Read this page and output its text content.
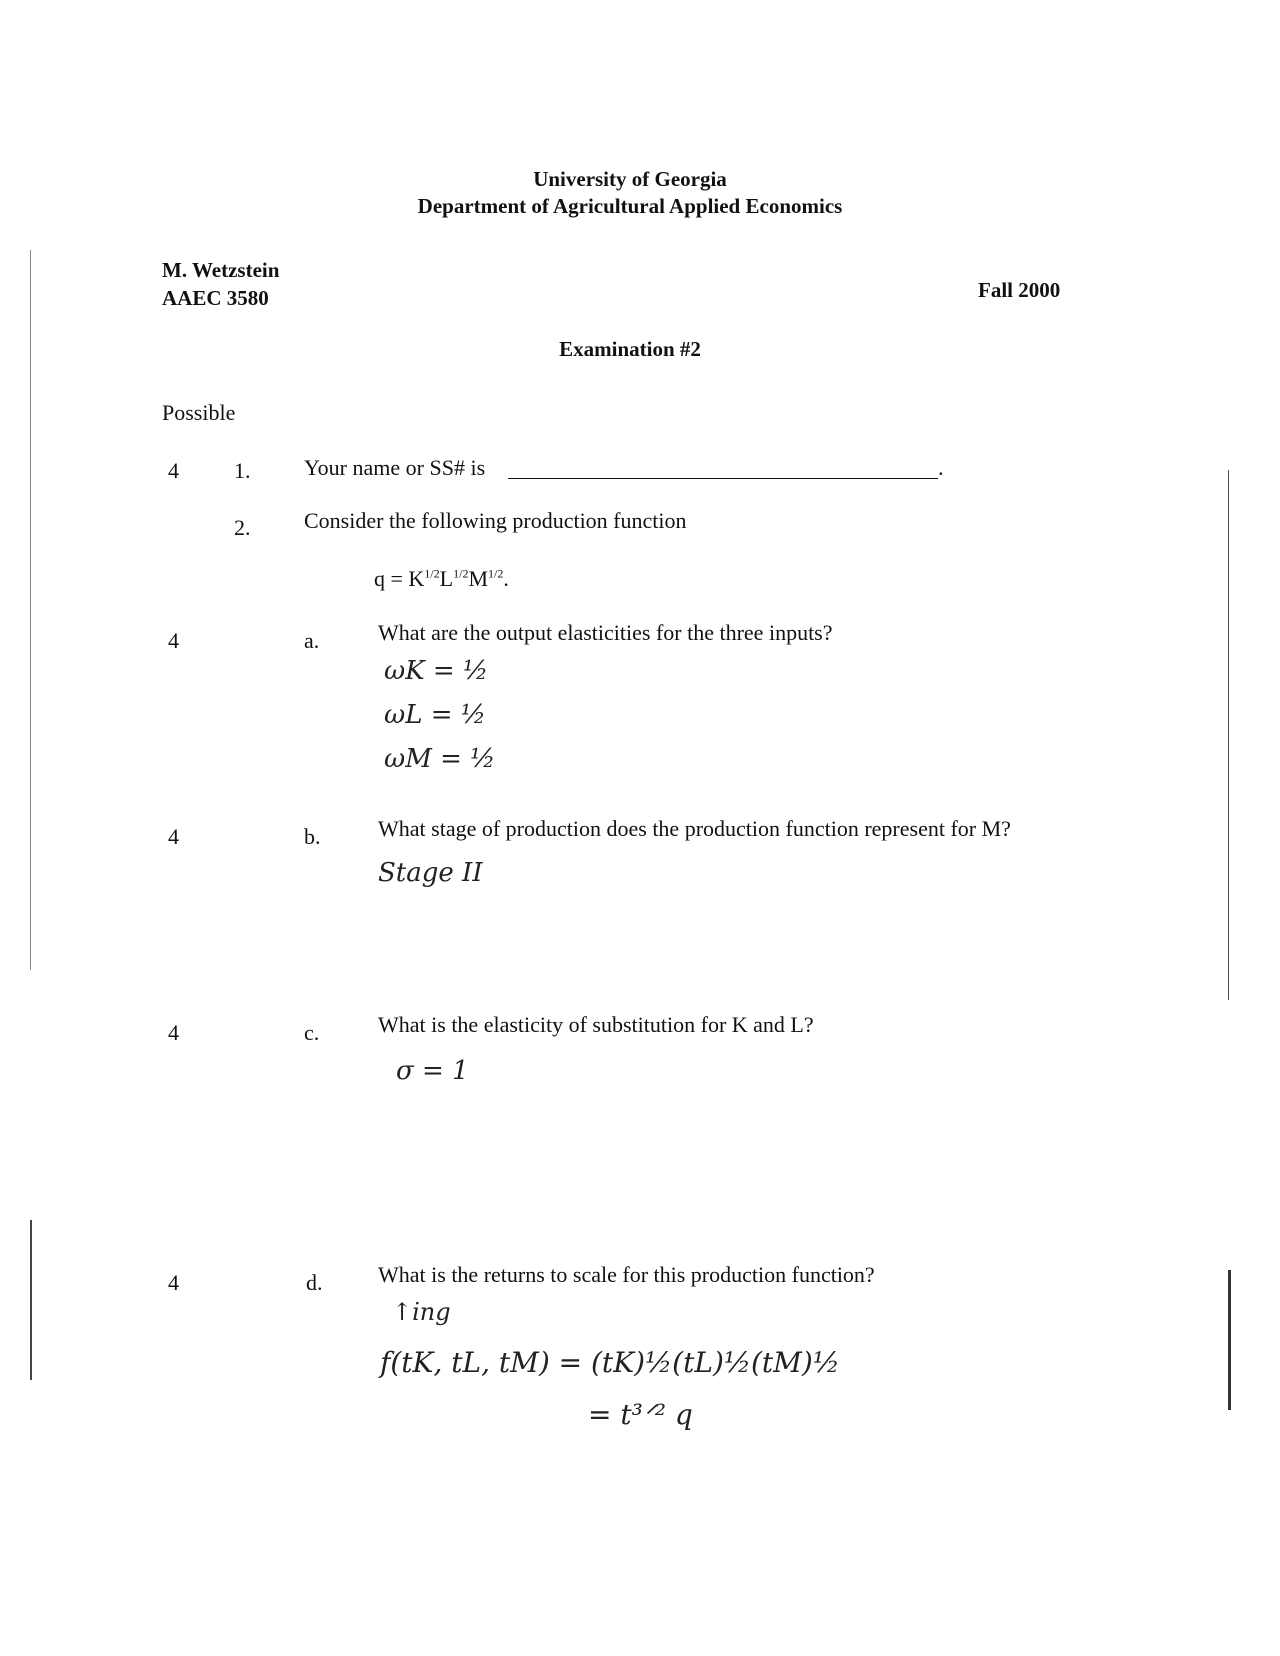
University of Georgia
Department of Agricultural Applied Economics
M. Wetzstein
AAEC 3580	Fall 2000
Examination #2
Possible
4	1. Your name or SS# is	.
2. Consider the following production function
$q = K^{1/2}L^{1/2}M^{1/2}$.
4	a.	What are the output elasticities for the three inputs?
ωK = ½
ωL = ½
ωM = ½
4	b.	What stage of production does the production function represent for M?
Stage II
4	c.	What is the elasticity of substitution for K and L?
σ = 1
4	d.	What is the returns to scale for this production function?
↑ing
f(tK, tL, tM) = (tK)½(tL)½(tM)½
= t³ᐟ² q
